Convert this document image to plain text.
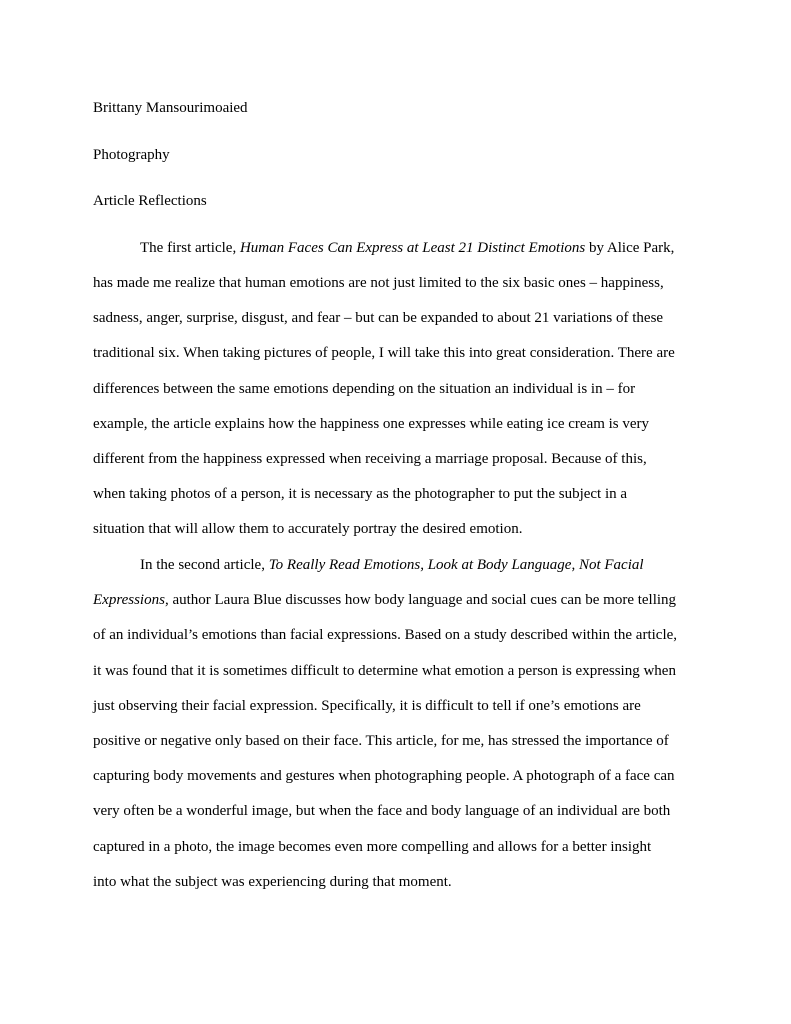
Brittany Mansourimoaied
Photography
Article Reflections
The first article, Human Faces Can Express at Least 21 Distinct Emotions by Alice Park,
has made me realize that human emotions are not just limited to the six basic ones – happiness,
sadness, anger, surprise, disgust, and fear – but can be expanded to about 21 variations of these
traditional six. When taking pictures of people, I will take this into great consideration. There are
differences between the same emotions depending on the situation an individual is in – for
example, the article explains how the happiness one expresses while eating ice cream is very
different from the happiness expressed when receiving a marriage proposal. Because of this,
when taking photos of a person, it is necessary as the photographer to put the subject in a
situation that will allow them to accurately portray the desired emotion.
In the second article, To Really Read Emotions, Look at Body Language, Not Facial
Expressions, author Laura Blue discusses how body language and social cues can be more telling
of an individual’s emotions than facial expressions. Based on a study described within the article,
it was found that it is sometimes difficult to determine what emotion a person is expressing when
just observing their facial expression. Specifically, it is difficult to tell if one’s emotions are
positive or negative only based on their face. This article, for me, has stressed the importance of
capturing body movements and gestures when photographing people. A photograph of a face can
very often be a wonderful image, but when the face and body language of an individual are both
captured in a photo, the image becomes even more compelling and allows for a better insight
into what the subject was experiencing during that moment.
